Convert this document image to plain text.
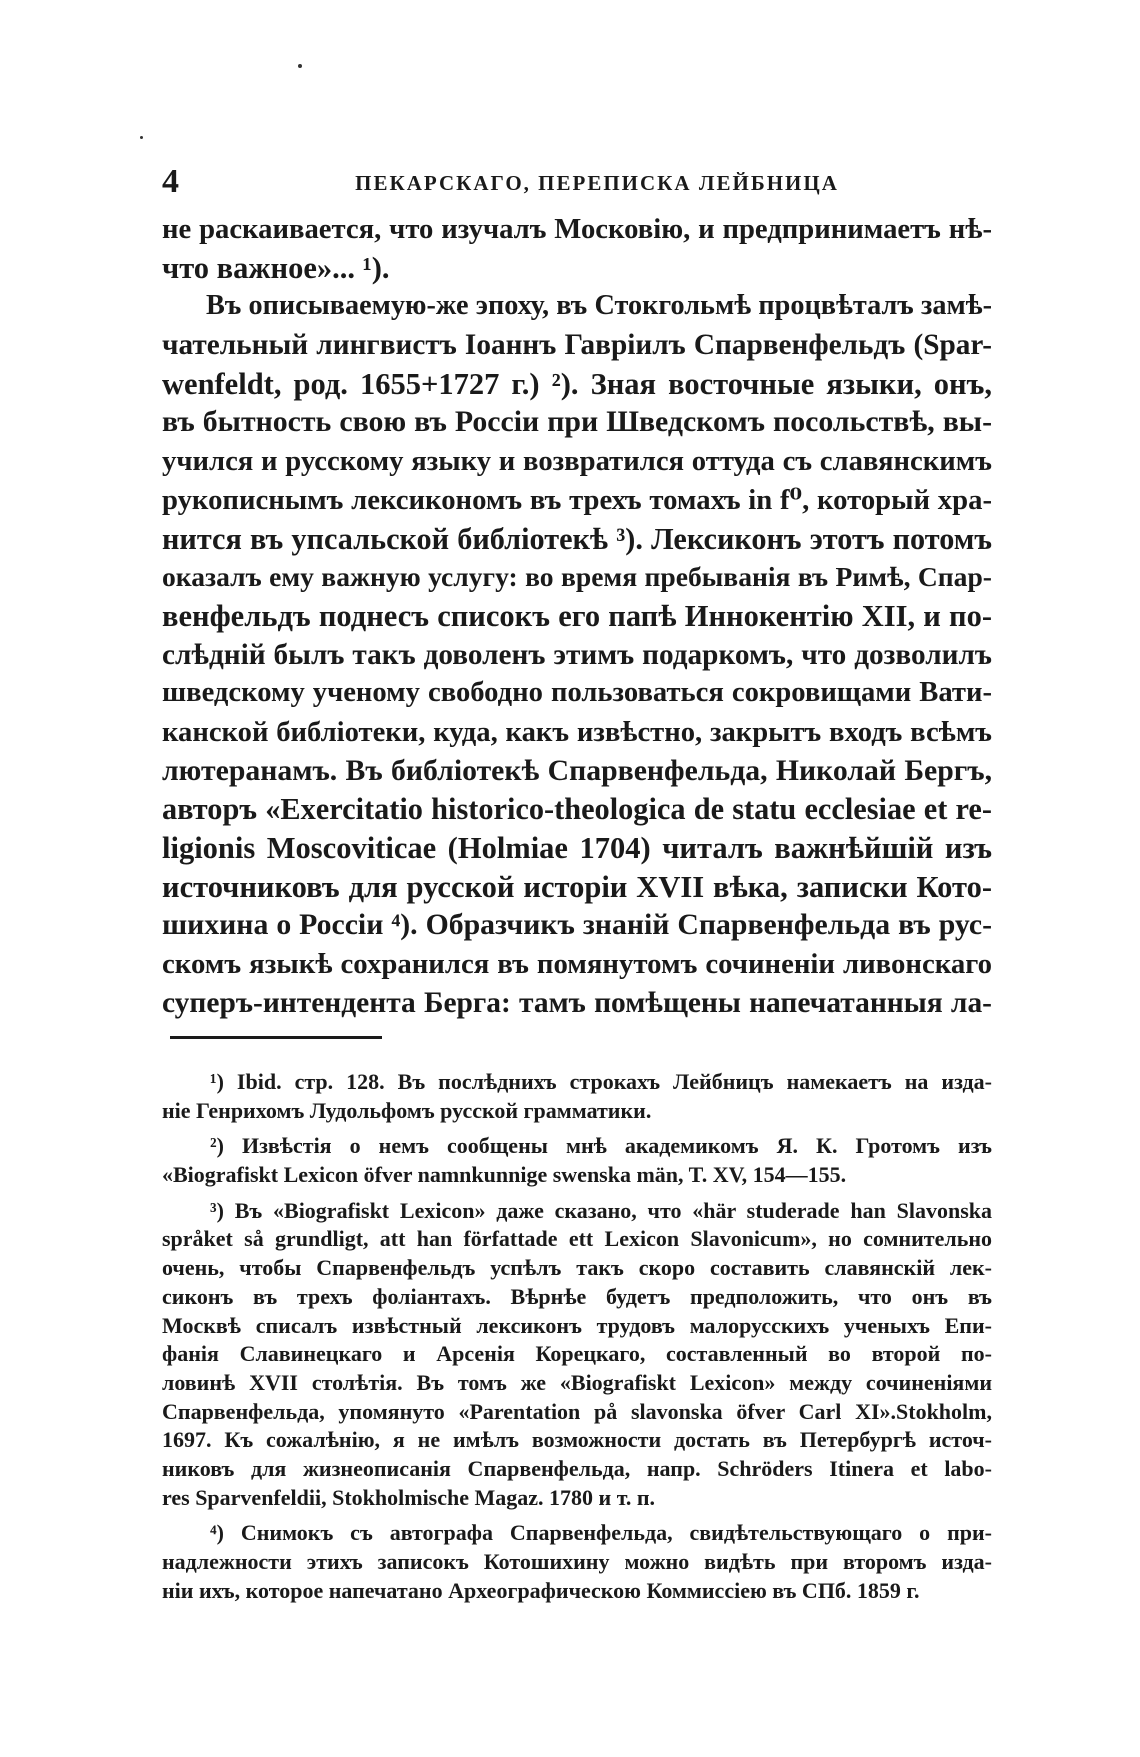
4	ПЕКАРСКАГО, ПЕРЕПИСКА ЛЕЙБНИЦА
не раскаивается, что изучалъ Московію, и предпринимаетъ нѣ-
что важное»... ¹).
Въ описываемую-же эпоху, въ Стокгольмѣ процвѣталъ замѣ-
чательный лингвистъ Іоаннъ Гавріилъ Спарвенфельдъ (Spar-
wenfeldt, род. 1655+1727 г.) ²). Зная восточные языки, онъ,
въ бытность свою въ Россіи при Шведскомъ посольствѣ, вы-
учился и русскому языку и возвратился оттуда съ славянскимъ
рукописнымъ лексикономъ въ трехъ томахъ in f⁰, который хра-
нится въ упсальской библіотекѣ ³). Лексиконъ этотъ потомъ
оказалъ ему важную услугу: во время пребыванія въ Римѣ, Спар-
венфельдъ поднесъ списокъ его папѣ Иннокентію XII, и по-
слѣдній былъ такъ доволенъ этимъ подаркомъ, что дозволилъ
шведскому ученому свободно пользоваться сокровищами Вати-
канской библіотеки, куда, какъ извѣстно, закрытъ входъ всѣмъ
лютеранамъ. Въ библіотекѣ Спарвенфельда, Николай Бергъ,
авторъ «Exercitatio historico-theologica de statu ecclesiae et re-
ligionis Moscoviticae (Holmiae 1704) читалъ важнѣйшій изъ
источниковъ для русской исторіи XVII вѣка, записки Кото-
шихина о Россіи ⁴). Образчикъ знаній Спарвенфельда въ рус-
скомъ языкѣ сохранился въ помянутомъ сочиненіи ливонскаго
суперъ-интендента Берга: тамъ помѣщены напечатанныя ла-
¹) Ibid. стр. 128. Въ послѣднихъ строкахъ Лейбницъ намекаетъ на изда-
ніе Генрихомъ Лудольфомъ русской грамматики.
²) Извѣстія о немъ сообщены мнѣ академикомъ Я. К. Гротомъ изъ
«Biografiskt Lexicon öfver namnkunnige swenska män, T. XV, 154—155.
³) Въ «Biografiskt Lexicon» даже сказано, что «här studerade han Slavonska
språket så grundligt, att han författade ett Lexicon Slavonicum», но сомнительно
очень, чтобы Спарвенфельдъ успѣлъ такъ скоро составить славянскій лек-
сиконъ въ трехъ фоліантахъ. Вѣрнѣе будетъ предположить, что онъ въ
Москвѣ списалъ извѣстный лексиконъ трудовъ малорусскихъ ученыхъ Епи-
фанія Славинецкаго и Арсенія Корецкаго, составленный во второй по-
ловинѣ XVII столѣтія. Въ томъ же «Biografiskt Lexicon» между сочиненіями
Спарвенфельда, упомянуто «Parentation på slavonska öfver Carl XI».Stokholm,
1697. Къ сожалѣнію, я не имѣлъ возможности достать въ Петербургѣ источ-
никовъ для жизнеописанія Спарвенфельда, напр. Schröders Itinera et labo-
res Sparvenfeldii, Stokholmische Magaz. 1780 и т. п.
⁴) Снимокъ съ автографа Спарвенфельда, свидѣтельствующаго о при-
надлежности этихъ записокъ Котошихину можно видѣть при второмъ изда-
ніи ихъ, которое напечатано Археографическою Коммиссіею въ СПб. 1859 г.
